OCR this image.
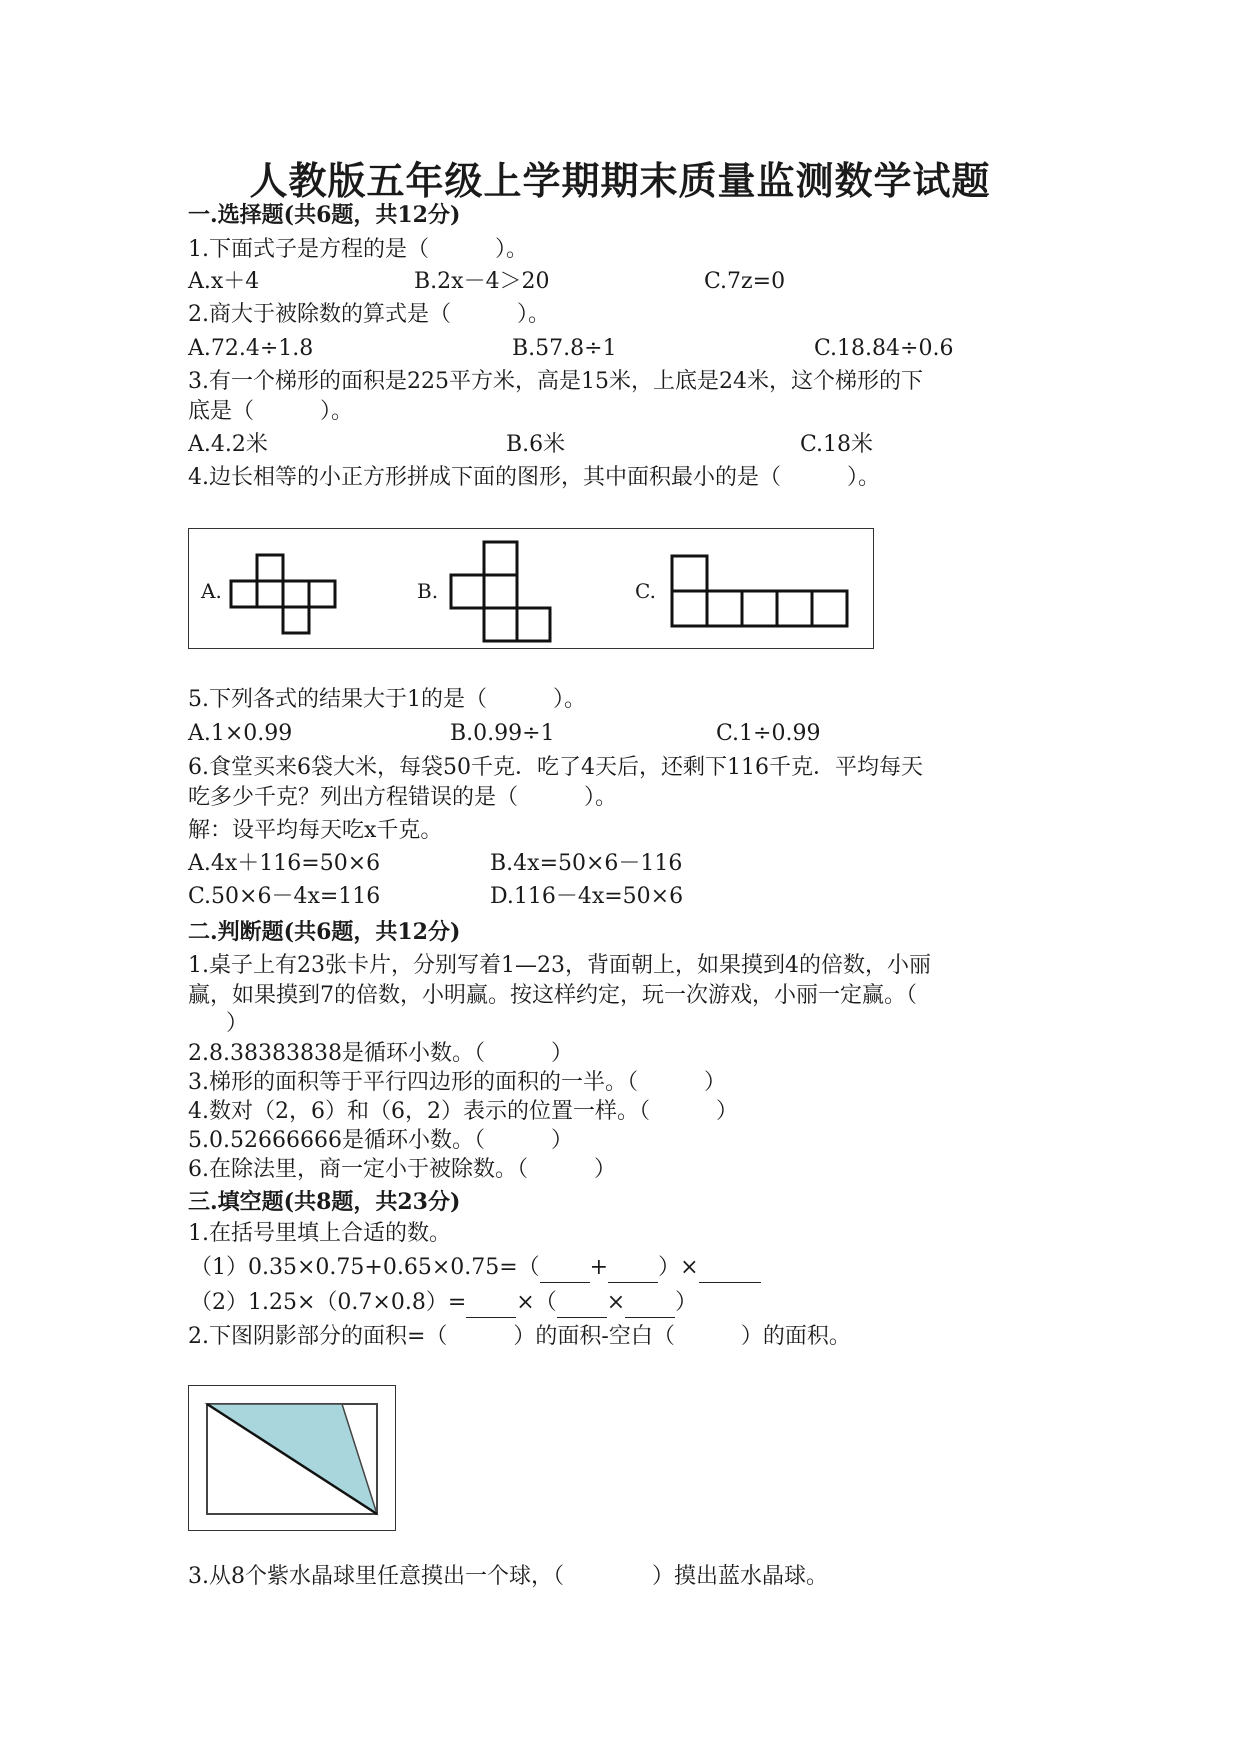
人教版五年级上学期期末质量监测数学试题
一.选择题(共6题，共12分)
1.下面式子是方程的是（　　　）。
A.x＋4	B.2x－4＞20	C.7z=0
2.商大于被除数的算式是（　　　）。
A.72.4÷1.8	B.57.8÷1	C.18.84÷0.6
3.有一个梯形的面积是225平方米，高是15米，上底是24米，这个梯形的下
底是（　　　）。
A.4.2米	B.6米	C.18米
4.边长相等的小正方形拼成下面的图形，其中面积最小的是（　　　）。
A.	B.	C.
5.下列各式的结果大于1的是（　　　）。
A.1×0.99	B.0.99÷1	C.1÷0.99
6.食堂买来6袋大米，每袋50千克．吃了4天后，还剩下116千克．平均每天
吃多少千克？列出方程错误的是（　　　）。
解：设平均每天吃x千克。
A.4x＋116=50×6	B.4x=50×6－116
C.50×6－4x=116	D.116－4x=50×6
二.判断题(共6题，共12分)
1.桌子上有23张卡片，分别写着1—23，背面朝上，如果摸到4的倍数，小丽
赢，如果摸到7的倍数，小明赢。按这样约定，玩一次游戏，小丽一定赢。（
）
2.8.38383838是循环小数。（　　　）
3.梯形的面积等于平行四边形的面积的一半。（　　　）
4.数对（2，6）和（6，2）表示的位置一样。（　　　）
5.0.52666666是循环小数。（　　　）
6.在除法里，商一定小于被除数。（　　　）
三.填空题(共8题，共23分)
1.在括号里填上合适的数。
（1）0.35×0.75+0.65×0.75=（ + ）×
（2）1.25×（0.7×0.8）= ×（ × ）
2.下图阴影部分的面积=（　　　）的面积-空白（　　　）的面积。
3.从8个紫水晶球里任意摸出一个球，（　　　　）摸出蓝水晶球。
